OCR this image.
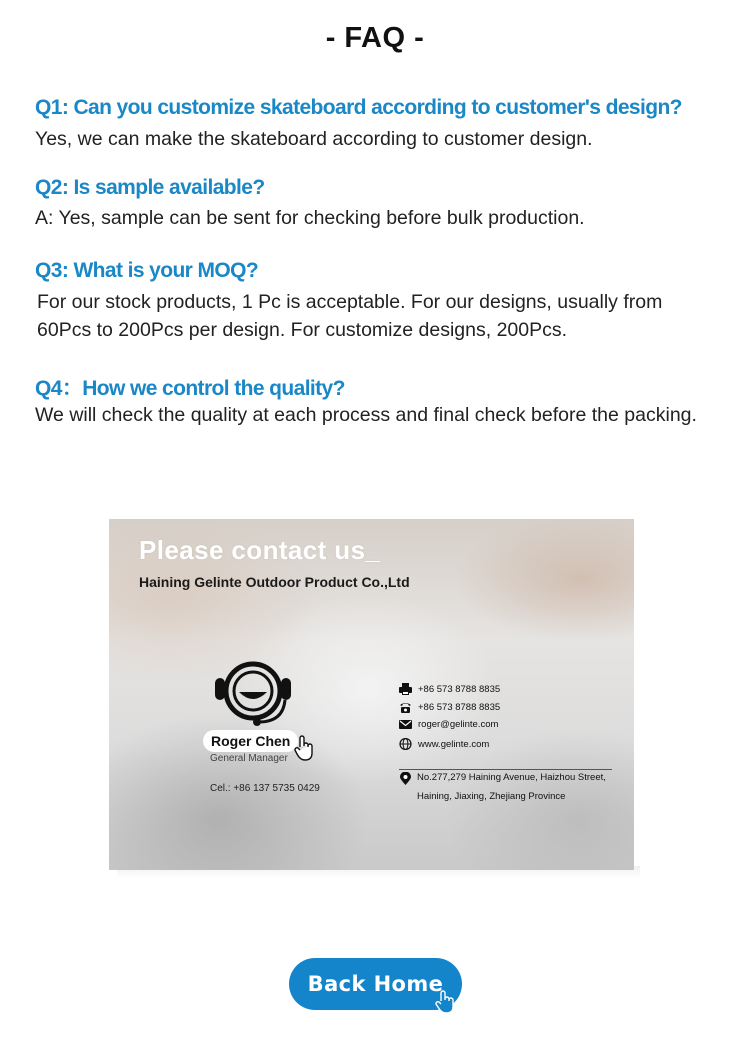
- FAQ -
Q1: Can you customize skateboard according to customer's design?
Yes, we can make the skateboard according to customer design.
Q2: Is sample available?
A: Yes, sample can be sent for checking before bulk production.
Q3: What is your MOQ?
For our stock products, 1 Pc is acceptable. For our designs, usually from
60Pcs to 200Pcs per design. For customize designs, 200Pcs.
Q4：How we control the quality?
We will check the quality at each process and final check before the packing.
Please contact us_
Haining Gelinte Outdoor Product Co.,Ltd
Roger Chen
General Manager
Cel.: +86 137 5735 0429
+86 573 8788 8835
+86 573 8788 8835
roger@gelinte.com
www.gelinte.com
No.277,279 Haining Avenue, Haizhou Street,
Haining, Jiaxing, Zhejiang Province
Back Home
